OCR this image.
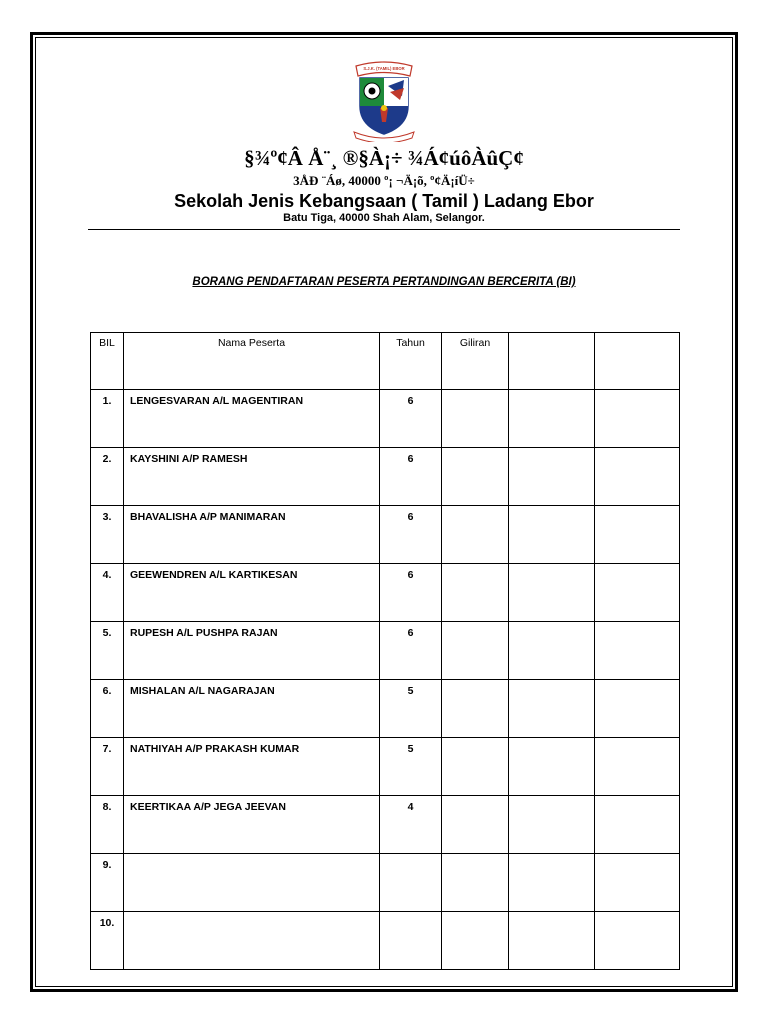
S.J.K. (TAMIL) EBOR
§¾º¢Â Å¨¸ ®§À¡÷ ¾Á¢úôÀûÇ¢
3ÅÐ ¨Áø, 40000 º¡ ¬Ä¡õ, º¢Ä¡íÜ÷
Sekolah Jenis Kebangsaan ( Tamil ) Ladang Ebor
Batu Tiga, 40000 Shah Alam, Selangor.
BORANG PENDAFTARAN PESERTA PERTANDINGAN BERCERITA (BI)
BIL	Nama Peserta	Tahun	Giliran		
1.	LENGESVARAN A/L MAGENTIRAN	6			
2.	KAYSHINI A/P RAMESH	6			
3.	BHAVALISHA A/P MANIMARAN	6			
4.	GEEWENDREN A/L KARTIKESAN	6			
5.	RUPESH A/L PUSHPA RAJAN	6			
6.	MISHALAN A/L NAGARAJAN	5			
7.	NATHIYAH A/P PRAKASH KUMAR	5			
8.	KEERTIKAA A/P JEGA JEEVAN	4			
9.					
10.					
